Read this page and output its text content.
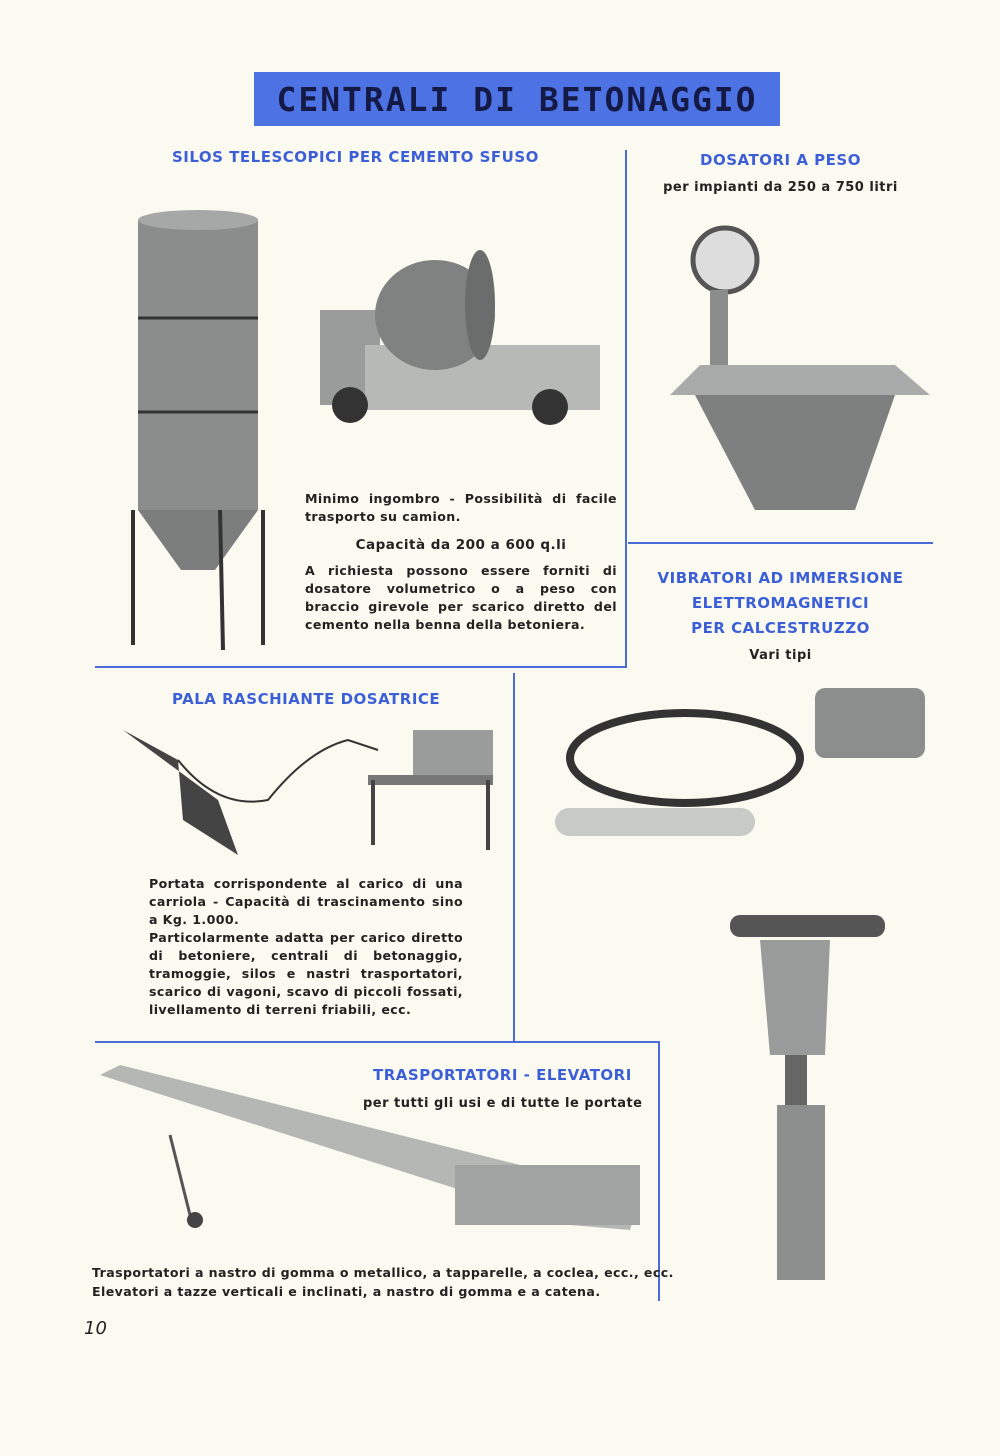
CENTRALI DI BETONAGGIO
SILOS TELESCOPICI PER CEMENTO SFUSO
Minimo ingombro - Possibilità di facile trasporto su camion.
Capacità da 200 a 600 q.li
A richiesta possono essere forniti di dosatore volumetrico o a peso con braccio girevole per scarico diretto del cemento nella benna della betoniera.
DOSATORI A PESO
per impianti da 250 a 750 litri
VIBRATORI AD IMMERSIONE
ELETTROMAGNETICI
PER CALCESTRUZZO
Vari tipi
PALA RASCHIANTE DOSATRICE
Portata corrispondente al carico di una carriola - Capacità di trascinamento sino a Kg. 1.000.
Particolarmente adatta per carico diretto di betoniere, centrali di betonaggio, tramoggie, silos e nastri trasportatori, scarico di vagoni, scavo di piccoli fossati, livellamento di terreni friabili, ecc.
TRASPORTATORI - ELEVATORI
per tutti gli usi e di tutte le portate
Trasportatori a nastro di gomma o metallico, a tapparelle, a coclea, ecc., ecc.
Elevatori a tazze verticali e inclinati, a nastro di gomma e a catena.
10
